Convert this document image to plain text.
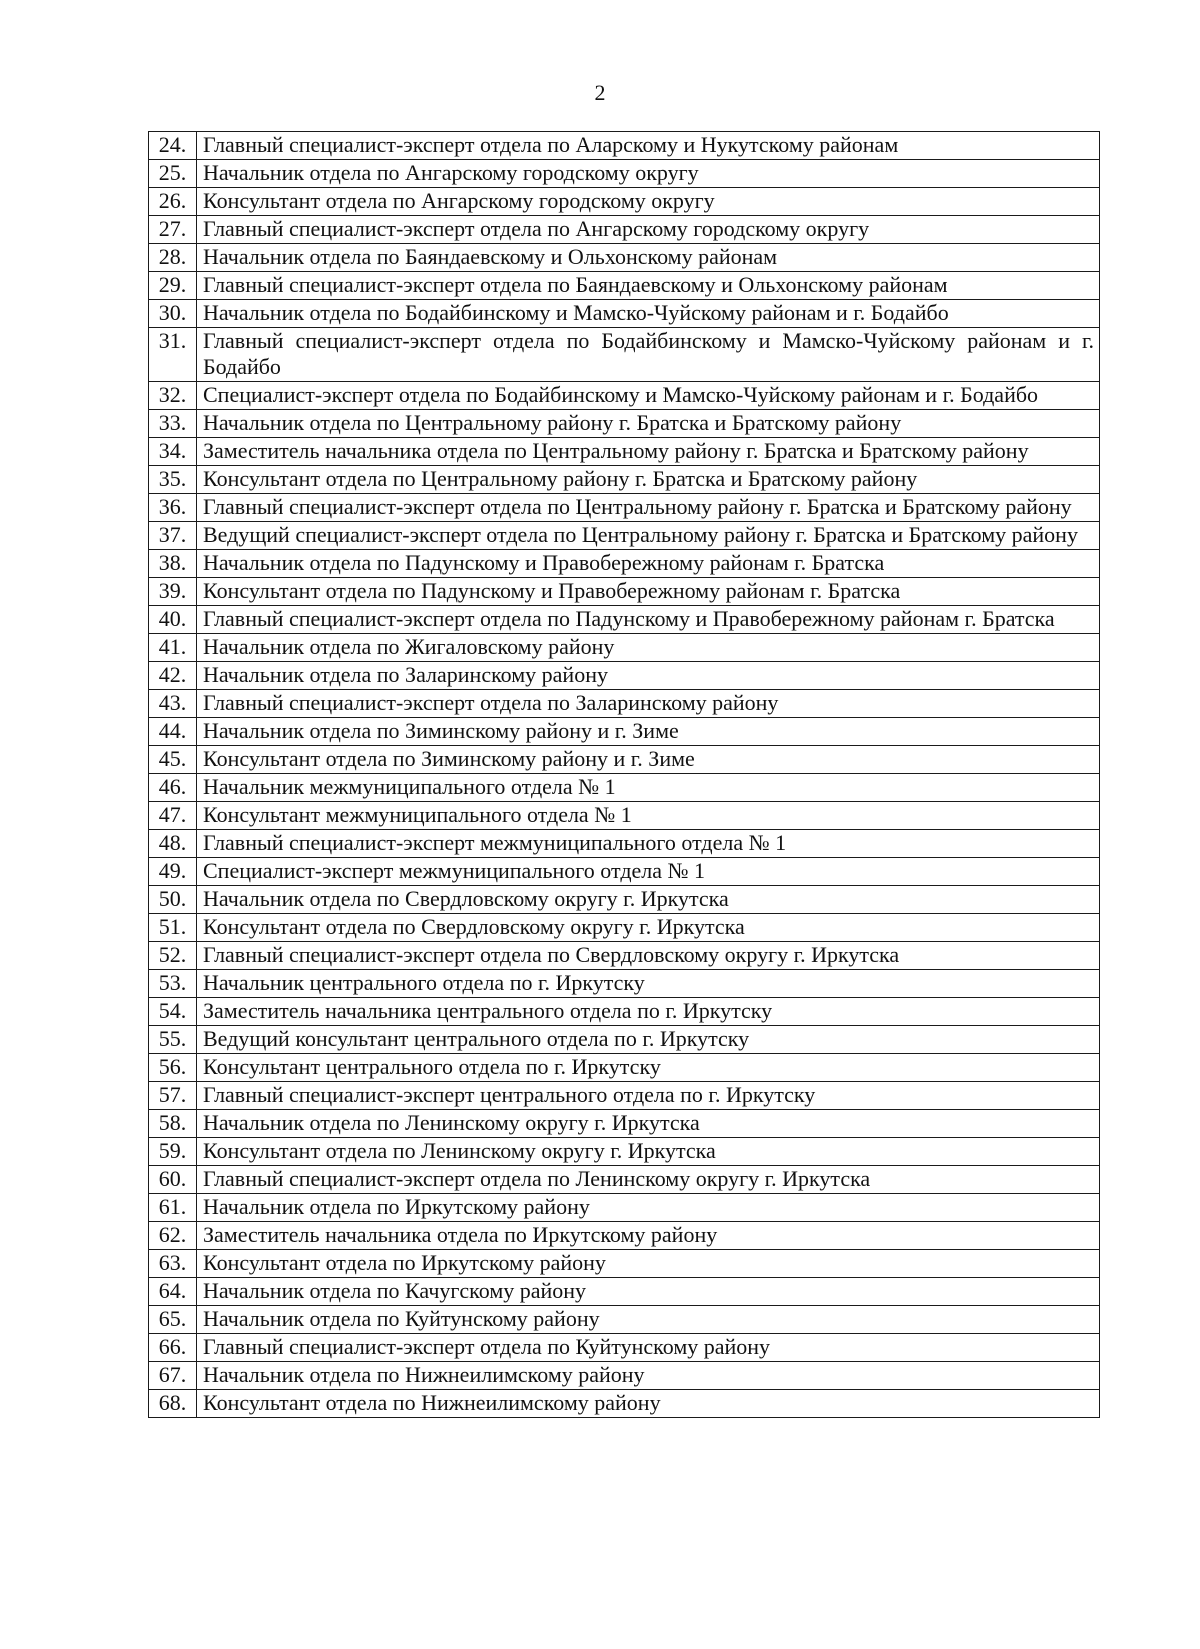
2
24.	Главный специалист-эксперт отдела по Аларскому и Нукутскому районам
25.	Начальник отдела по Ангарскому городскому округу
26.	Консультант отдела по Ангарскому городскому округу
27.	Главный специалист-эксперт отдела по Ангарскому городскому округу
28.	Начальник отдела по Баяндаевскому и Ольхонскому районам
29.	Главный специалист-эксперт отдела по Баяндаевскому и Ольхонскому районам
30.	Начальник отдела по Бодайбинскому и Мамско-Чуйскому районам и г. Бодайбо
31.	Главный специалист-эксперт отдела по Бодайбинскому и Мамско-Чуйскому районам и г. Бодайбо
32.	Специалист-эксперт отдела по Бодайбинскому и Мамско-Чуйскому районам и г. Бодайбо
33.	Начальник отдела по Центральному району г. Братска и Братскому району
34.	Заместитель начальника отдела по Центральному району г. Братска и Братскому району
35.	Консультант отдела по Центральному району г. Братска и Братскому району
36.	Главный специалист-эксперт отдела по Центральному району г. Братска и Братскому району
37.	Ведущий специалист-эксперт отдела по Центральному району г. Братска и Братскому району
38.	Начальник отдела по Падунскому и Правобережному районам г. Братска
39.	Консультант отдела по Падунскому и Правобережному районам г. Братска
40.	Главный специалист-эксперт отдела по Падунскому и Правобережному районам г. Братска
41.	Начальник отдела по Жигаловскому району
42.	Начальник отдела по Заларинскому району
43.	Главный специалист-эксперт отдела по Заларинскому району
44.	Начальник отдела по Зиминскому району и г. Зиме
45.	Консультант отдела по Зиминскому району и г. Зиме
46.	Начальник межмуниципального отдела № 1
47.	Консультант межмуниципального отдела № 1
48.	Главный специалист-эксперт межмуниципального отдела № 1
49.	Специалист-эксперт межмуниципального отдела № 1
50.	Начальник отдела по Свердловскому округу г. Иркутска
51.	Консультант отдела по Свердловскому округу г. Иркутска
52.	Главный специалист-эксперт отдела по Свердловскому округу г. Иркутска
53.	Начальник центрального отдела по г. Иркутску
54.	Заместитель начальника центрального отдела по г. Иркутску
55.	Ведущий консультант центрального отдела по г. Иркутску
56.	Консультант центрального отдела по г. Иркутску
57.	Главный специалист-эксперт центрального отдела по г. Иркутску
58.	Начальник отдела по Ленинскому округу г. Иркутска
59.	Консультант отдела по Ленинскому округу г. Иркутска
60.	Главный специалист-эксперт отдела по Ленинскому округу г. Иркутска
61.	Начальник отдела по Иркутскому району
62.	Заместитель начальника отдела по Иркутскому району
63.	Консультант отдела по Иркутскому району
64.	Начальник отдела по Качугскому району
65.	Начальник отдела по Куйтунскому району
66.	Главный специалист-эксперт отдела по Куйтунскому району
67.	Начальник отдела по Нижнеилимскому району
68.	Консультант отдела по Нижнеилимскому району
